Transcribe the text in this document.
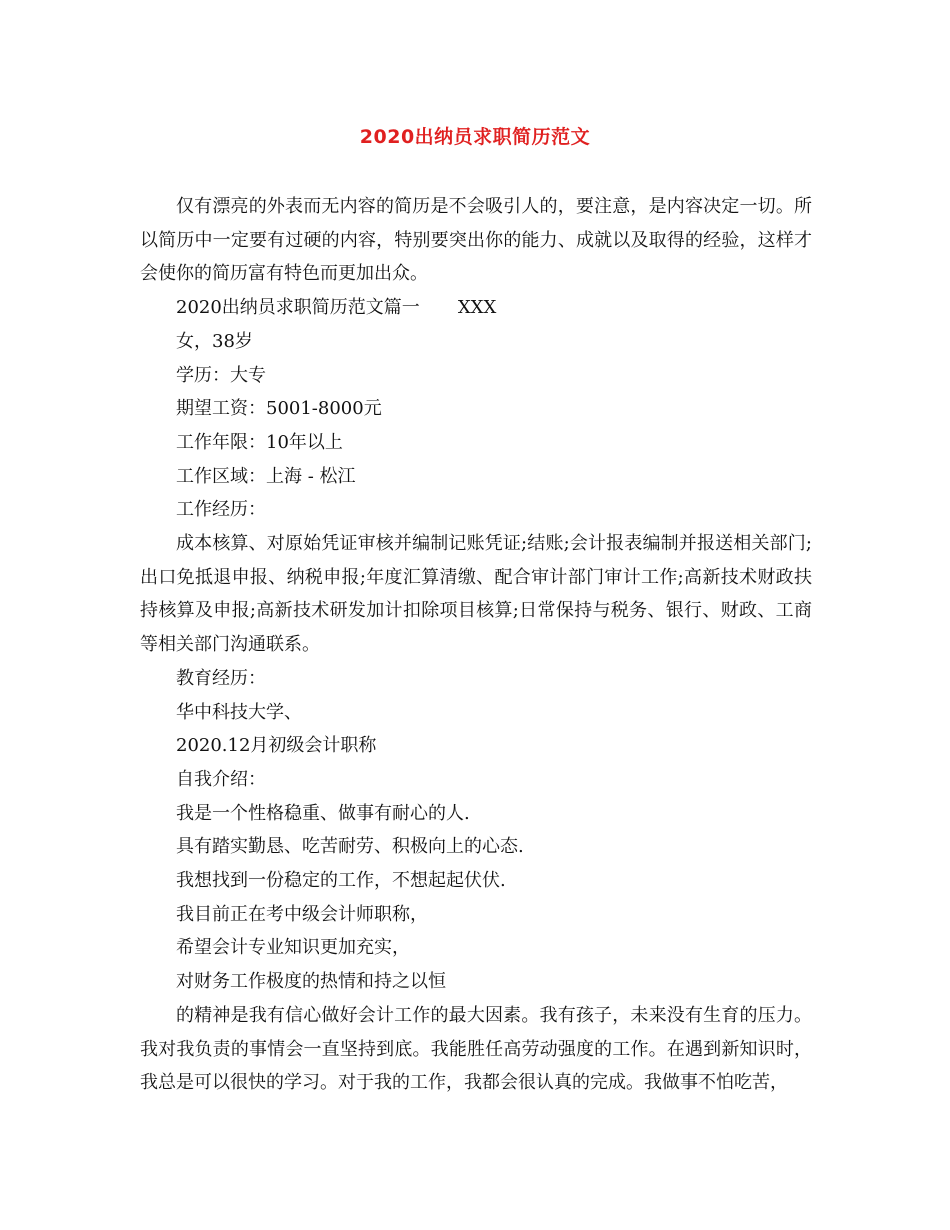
2020出纳员求职简历范文

仅有漂亮的外表而无内容的简历是不会吸引人的，要注意，是内容决定一切。所以简历中一定要有过硬的内容，特别要突出你的能力、成就以及取得的经验，这样才会使你的简历富有特色而更加出众。

2020出纳员求职简历范文篇一 XXX

女，38岁

学历：大专

期望工资：5001-8000元

工作年限：10年以上

工作区域：上海 - 松江

工作经历：

成本核算、对原始凭证审核并编制记账凭证;结账;会计报表编制并报送相关部门;出口免抵退申报、纳税申报;年度汇算清缴、配合审计部门审计工作;高新技术财政扶持核算及申报;高新技术研发加计扣除项目核算;日常保持与税务、银行、财政、工商等相关部门沟通联系。

教育经历：

华中科技大学、

2020.12月初级会计职称

自我介绍：

我是一个性格稳重、做事有耐心的人.

具有踏实勤恳、吃苦耐劳、积极向上的心态.

我想找到一份稳定的工作，不想起起伏伏.

我目前正在考中级会计师职称，

希望会计专业知识更加充实，

对财务工作极度的热情和持之以恒

的精神是我有信心做好会计工作的最大因素。我有孩子，未来没有生育的压力。我对我负责的事情会一直坚持到底。我能胜任高劳动强度的工作。在遇到新知识时，我总是可以很快的学习。对于我的工作，我都会很认真的完成。我做事不怕吃苦，
